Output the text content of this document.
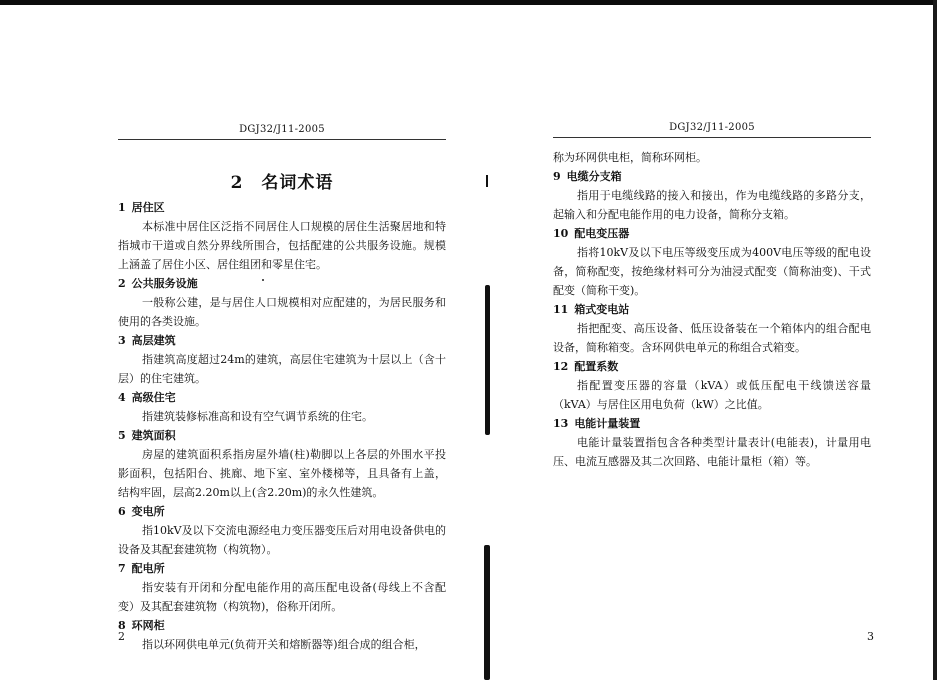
DGJ32/J11-2005
2　名词术语
1 居住区
本标准中居住区泛指不同居住人口规模的居住生活聚居地和特指城市干道或自然分界线所围合，包括配建的公共服务设施。规模上涵盖了居住小区、居住组团和零星住宅。
2 公共服务设施
一般称公建，是与居住人口规模相对应配建的，为居民服务和使用的各类设施。
3 高层建筑
指建筑高度超过24m的建筑，高层住宅建筑为十层以上（含十层）的住宅建筑。
4 高级住宅
指建筑装修标准高和设有空气调节系统的住宅。
5 建筑面积
房屋的建筑面积系指房屋外墙(柱)勒脚以上各层的外围水平投影面积，包括阳台、挑廊、地下室、室外楼梯等，且具备有上盖，结构牢固，层高2.20m以上(含2.20m)的永久性建筑。
6 变电所
指10kV及以下交流电源经电力变压器变压后对用电设备供电的设备及其配套建筑物（构筑物）。
7 配电所
指安装有开闭和分配电能作用的高压配电设备(母线上不含配变）及其配套建筑物（构筑物)，俗称开闭所。
8 环网柜
指以环网供电单元(负荷开关和熔断器等)组合成的组合柜，
2
DGJ32/J11-2005
称为环网供电柜，简称环网柜。
9 电缆分支箱
指用于电缆线路的接入和接出，作为电缆线路的多路分支，起输入和分配电能作用的电力设备，简称分支箱。
10 配电变压器
指将10kV及以下电压等级变压成为400V电压等级的配电设备，简称配变，按绝缘材料可分为油浸式配变（简称油变)、干式配变（简称干变)。
11 箱式变电站
指把配变、高压设备、低压设备装在一个箱体内的组合配电设备，简称箱变。含环网供电单元的称组合式箱变。
12 配置系数
指配置变压器的容量（kVA）或低压配电干线馈送容量（kVA）与居住区用电负荷（kW）之比值。
13 电能计量装置
电能计量装置指包含各种类型计量表计(电能表)，计量用电压、电流互感器及其二次回路、电能计量柜（箱）等。
3
